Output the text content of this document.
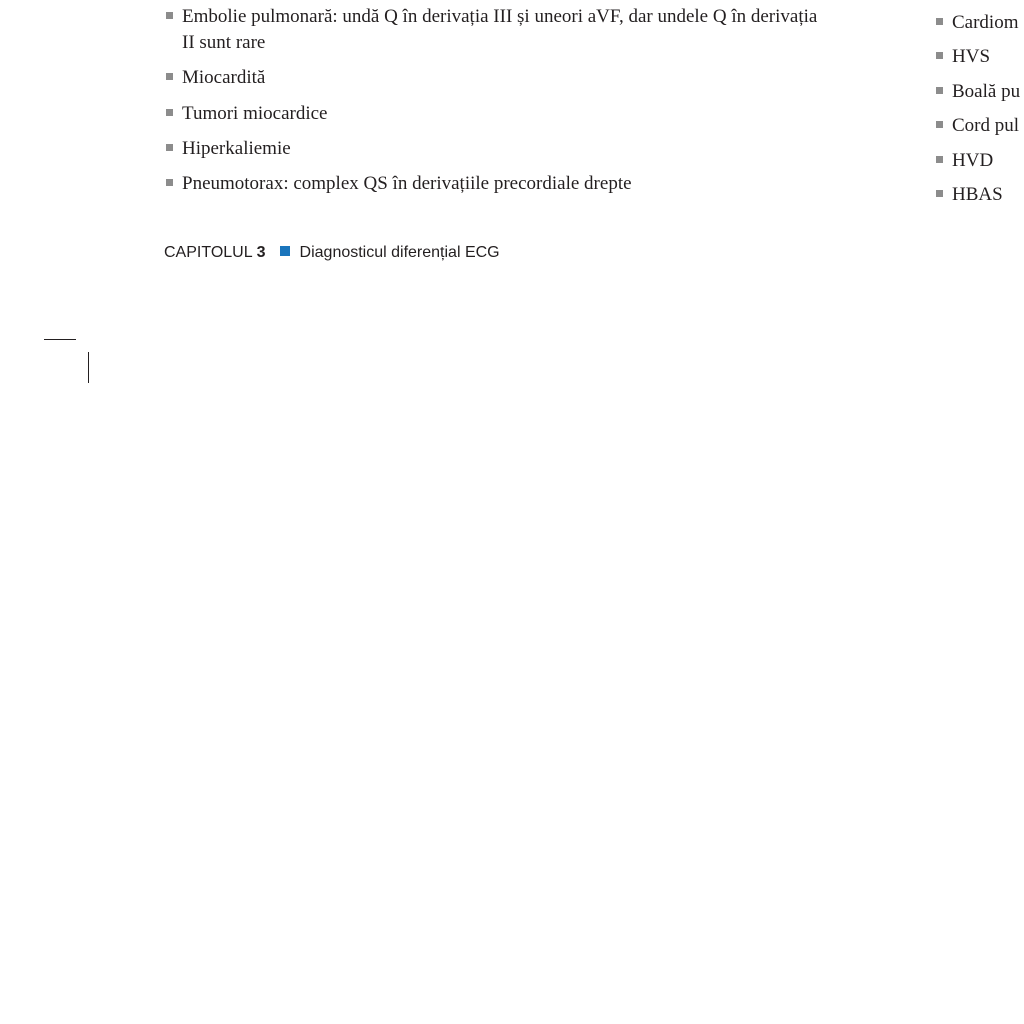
Embolie pulmonară: undă Q în derivația III și uneori aVF, dar undele Q în derivația II sunt rare
Miocardită
Tumori miocardice
Hiperkaliemie
Pneumotorax: complex QS în derivațiile precordiale drepte
Cardiom
HVS
Boală pu
Cord pul
HVD
HBAS
CAPITOLUL 3 Diagnosticul diferențial ECG
